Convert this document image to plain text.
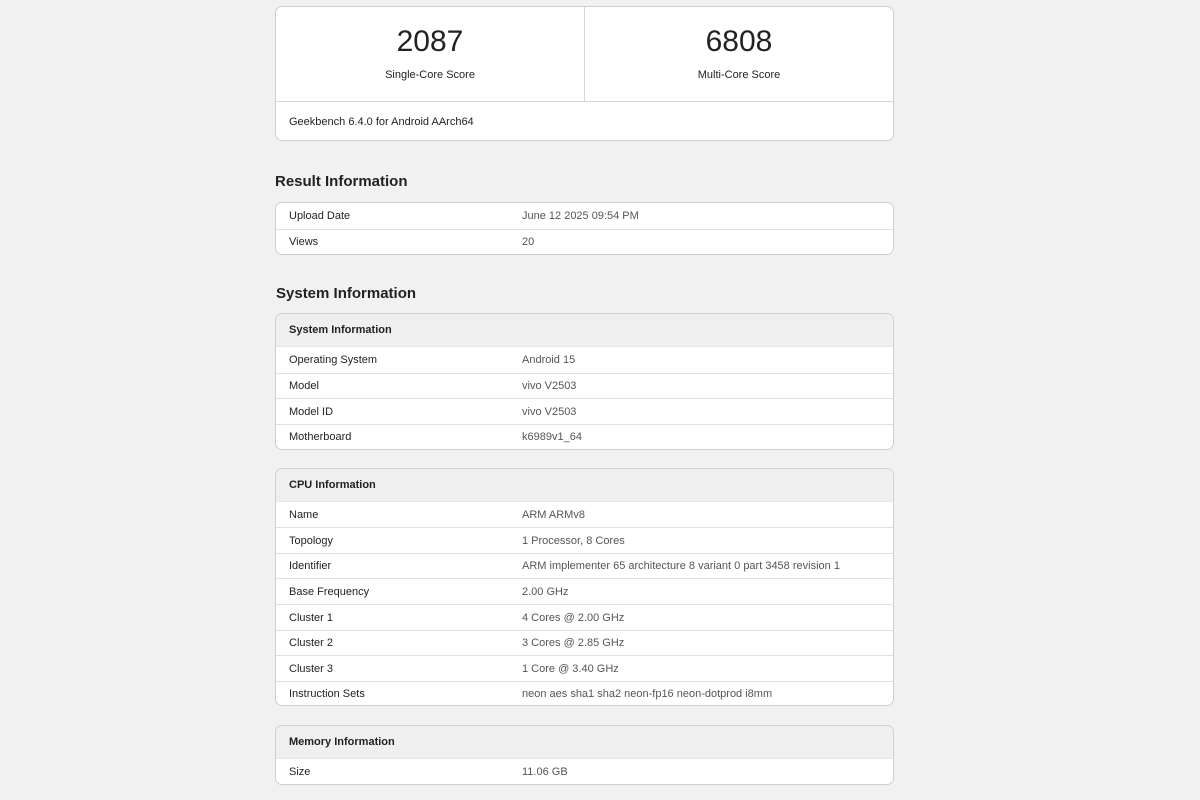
2087
Single-Core Score
6808
Multi-Core Score
Geekbench 6.4.0 for Android AArch64
Result Information
Upload Date	June 12 2025 09:54 PM
Views	20
System Information
System Information
Operating System	Android 15
Model	vivo V2503
Model ID	vivo V2503
Motherboard	k6989v1_64
CPU Information
Name	ARM ARMv8
Topology	1 Processor, 8 Cores
Identifier	ARM implementer 65 architecture 8 variant 0 part 3458 revision 1
Base Frequency	2.00 GHz
Cluster 1	4 Cores @ 2.00 GHz
Cluster 2	3 Cores @ 2.85 GHz
Cluster 3	1 Core @ 3.40 GHz
Instruction Sets	neon aes sha1 sha2 neon-fp16 neon-dotprod i8mm
Memory Information
Size	11.06 GB
